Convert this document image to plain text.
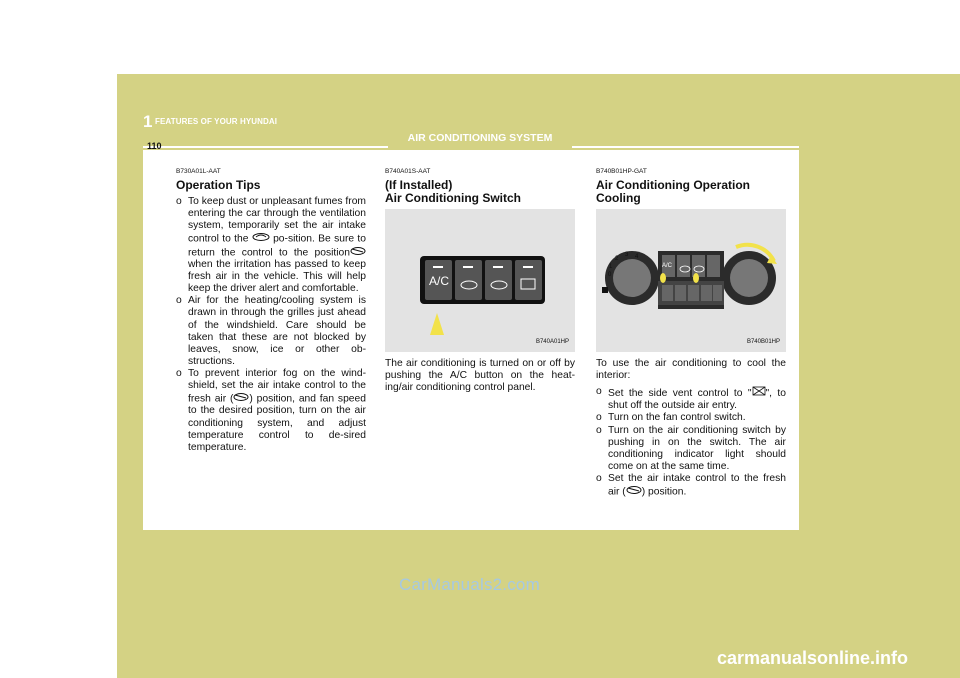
1 FEATURES OF YOUR HYUNDAI
110
AIR CONDITIONING SYSTEM
B730A01L-AAT
Operation Tips
o To keep dust or unpleasant fumes from entering the car through the ventilation system, temporarily set the air intake control to the  po-sition. Be sure to return the control to the positionwhen the irritation has passed to keep fresh air in the vehicle. This will help keep the driver alert and comfortable.
o Air for the heating/cooling system is drawn in through the grilles just ahead of the windshield. Care should be taken that these are not blocked by leaves, snow, ice or other ob-structions.
o To prevent interior fog on the wind-shield, set the air intake control to the fresh air ( ) position, and fan speed to the desired position, turn on the air conditioning system, and adjust temperature control to de-sired temperature.
B740A01S-AAT
(If Installed)
Air Conditioning Switch
A/C
B740A01HP
The air conditioning is turned on or off by pushing the A/C button on the heat-ing/air conditioning control panel.
B740B01HP-GAT
Air Conditioning Operation
Cooling
0
1
2
3 4
A/C
B740B01HP
To use the air conditioning to cool the interior:
o Set the side vent control to " ", to shut off the outside air entry.
o Turn on the fan control switch.
o Turn on the air conditioning switch by pushing in on the switch. The air conditioning indicator light should come on at the same time.
o Set the air intake control to the fresh air ( ) position.
CarManuals2.com
carmanualsonline.info
